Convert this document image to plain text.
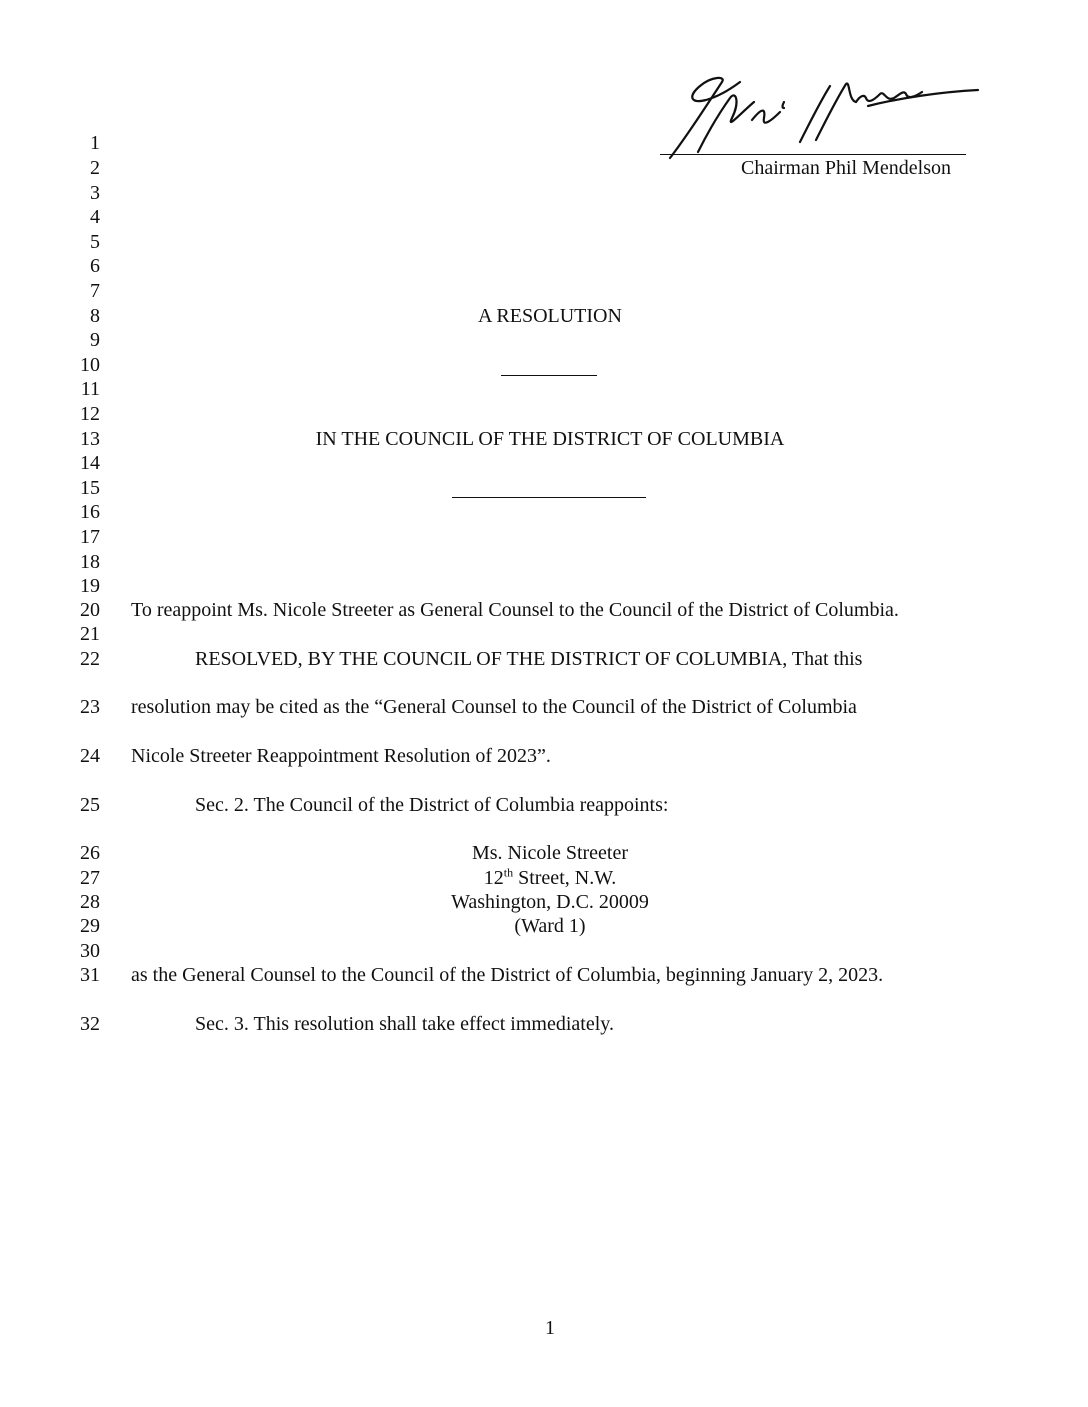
Chairman Phil Mendelson
1
2
3
4
5
6
7
8
9
10
11
12
13
14
15
16
17
18
19
20
21
22
23
24
25
26
27
28
29
30
31
32
A RESOLUTION
IN THE COUNCIL OF THE DISTRICT OF COLUMBIA
To reappoint Ms. Nicole Streeter as General Counsel to the Council of the District of Columbia.
RESOLVED, BY THE COUNCIL OF THE DISTRICT OF COLUMBIA, That this
resolution may be cited as the “General Counsel to the Council of the District of Columbia
Nicole Streeter Reappointment Resolution of 2023”.
Sec. 2. The Council of the District of Columbia reappoints:
Ms. Nicole Streeter
12th Street, N.W.
Washington, D.C. 20009
(Ward 1)
as the General Counsel to the Council of the District of Columbia, beginning January 2, 2023.
Sec. 3. This resolution shall take effect immediately.
1
